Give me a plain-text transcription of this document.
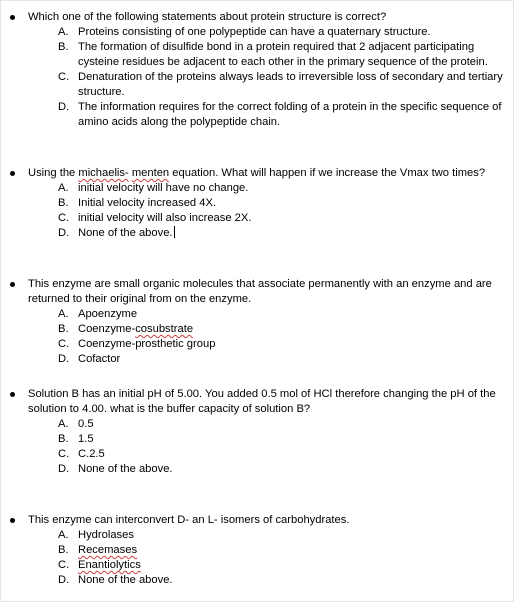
Which one of the following statements about protein structure is correct?
A. Proteins consisting of one polypeptide can have a quaternary structure.
B. The formation of disulfide bond in a protein required that 2 adjacent participating cysteine residues be adjacent to each other in the primary sequence of the protein.
C. Denaturation of the proteins always leads to irreversible loss of secondary and tertiary structure.
D. The information requires for the correct folding of a protein in the specific sequence of amino acids along the polypeptide chain.
Using the michaelis- menten equation. What will happen if we increase the Vmax two times?
A. initial velocity will have no change.
B. Initial velocity increased 4X.
C. initial velocity will also increase 2X.
D. None of the above.
This enzyme are small organic molecules that associate permanently with an enzyme and are returned to their original from on the enzyme.
A. Apoenzyme
B. Coenzyme-cosubstrate
C. Coenzyme-prosthetic group
D. Cofactor
Solution B has an initial pH of 5.00. You added 0.5 mol of HCl therefore changing the pH of the solution to 4.00. what is the buffer capacity of solution B?
A. 0.5
B. 1.5
C. C.2.5
D. None of the above.
This enzyme can interconvert D- an L- isomers of carbohydrates.
A. Hydrolases
B. Recemases
C. Enantiolytics
D. None of the above.
